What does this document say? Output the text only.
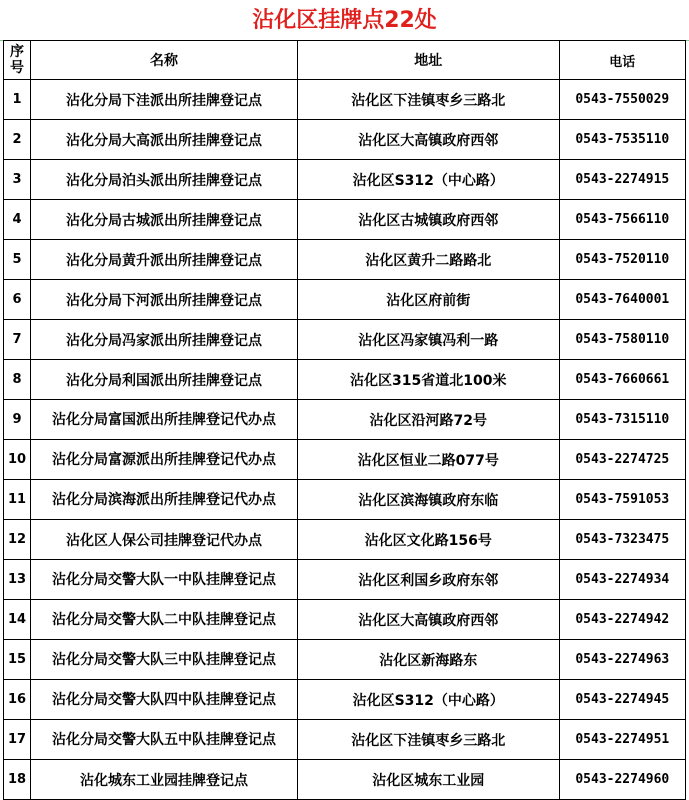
沾化区挂牌点22处
序号	名称	地址	电话
1	沾化分局下洼派出所挂牌登记点	沾化区下洼镇枣乡三路北	0543-7550029
2	沾化分局大高派出所挂牌登记点	沾化区大高镇政府西邻	0543-7535110
3	沾化分局泊头派出所挂牌登记点	沾化区S312（中心路）	0543-2274915
4	沾化分局古城派出所挂牌登记点	沾化区古城镇政府西邻	0543-7566110
5	沾化分局黄升派出所挂牌登记点	沾化区黄升二路路北	0543-7520110
6	沾化分局下河派出所挂牌登记点	沾化区府前街	0543-7640001
7	沾化分局冯家派出所挂牌登记点	沾化区冯家镇冯利一路	0543-7580110
8	沾化分局利国派出所挂牌登记点	沾化区315省道北100米	0543-7660661
9	沾化分局富国派出所挂牌登记代办点	沾化区沿河路72号	0543-7315110
10	沾化分局富源派出所挂牌登记代办点	沾化区恒业二路077号	0543-2274725
11	沾化分局滨海派出所挂牌登记代办点	沾化区滨海镇政府东临	0543-7591053
12	沾化区人保公司挂牌登记代办点	沾化区文化路156号	0543-7323475
13	沾化分局交警大队一中队挂牌登记点	沾化区利国乡政府东邻	0543-2274934
14	沾化分局交警大队二中队挂牌登记点	沾化区大高镇政府西邻	0543-2274942
15	沾化分局交警大队三中队挂牌登记点	沾化区新海路东	0543-2274963
16	沾化分局交警大队四中队挂牌登记点	沾化区S312（中心路）	0543-2274945
17	沾化分局交警大队五中队挂牌登记点	沾化区下洼镇枣乡三路北	0543-2274951
18	沾化城东工业园挂牌登记点	沾化区城东工业园	0543-2274960
